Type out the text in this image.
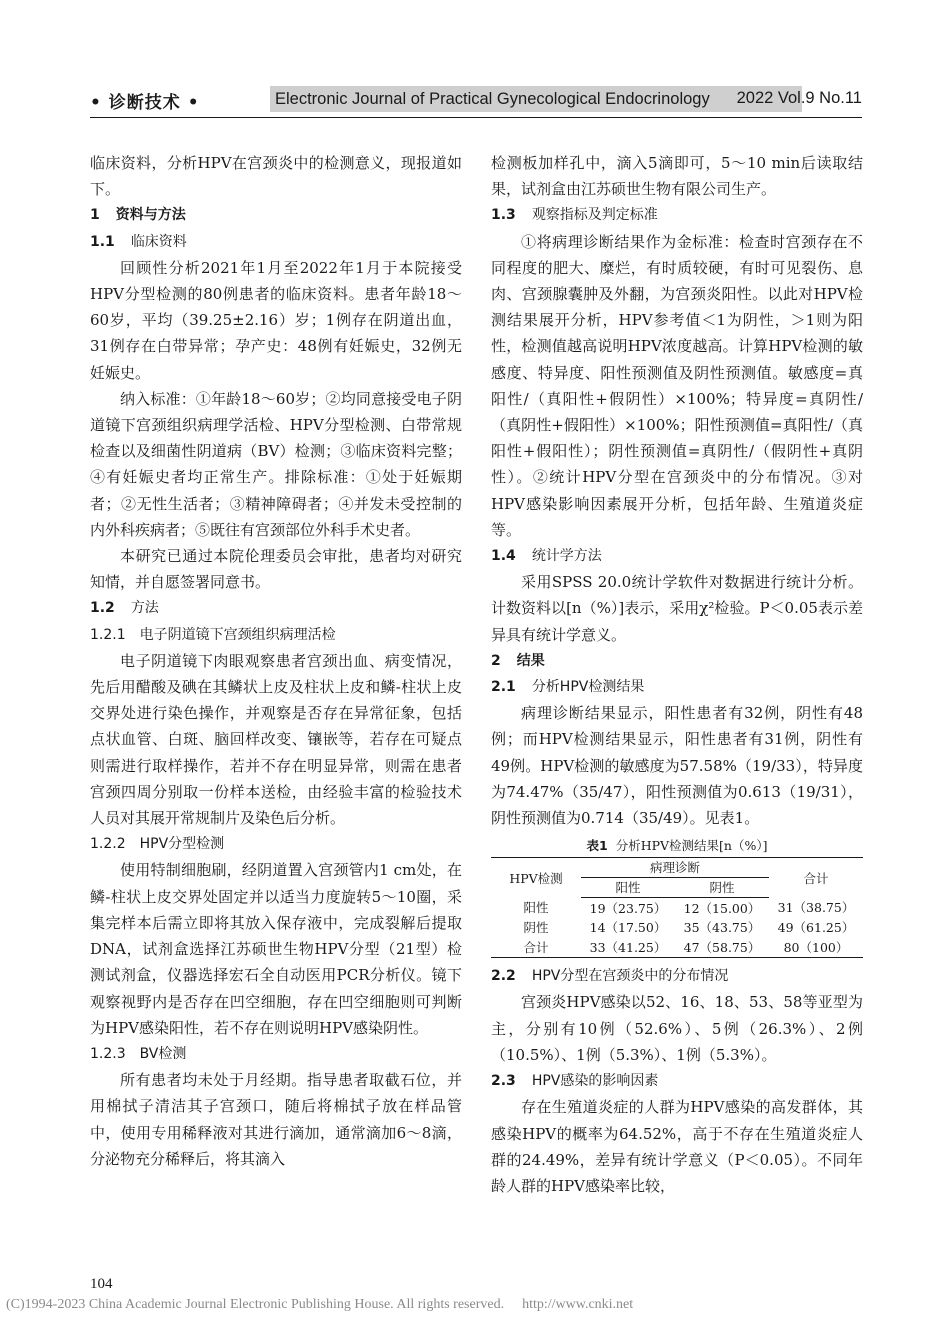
• 诊断技术 •	Electronic Journal of Practical Gynecological Endocrinology	2022 Vol.9 No.11

临床资料，分析HPV在宫颈炎中的检测意义，现报道如下。

1 资料与方法
1.1 临床资料

回顾性分析2021年1月至2022年1月于本院接受HPV分型检测的80例患者的临床资料。患者年龄18～60岁，平均（39.25±2.16）岁；1例存在阴道出血，31例存在白带异常；孕产史：48例有妊娠史，32例无妊娠史。

纳入标准：①年龄18～60岁；②均同意接受电子阴道镜下宫颈组织病理学活检、HPV分型检测、白带常规检查以及细菌性阴道病（BV）检测；③临床资料完整；④有妊娠史者均正常生产。排除标准：①处于妊娠期者；②无性生活者；③精神障碍者；④并发未受控制的内外科疾病者；⑤既往有宫颈部位外科手术史者。

本研究已通过本院伦理委员会审批，患者均对研究知情，并自愿签署同意书。

1.2 方法
1.2.1 电子阴道镜下宫颈组织病理活检

电子阴道镜下肉眼观察患者宫颈出血、病变情况，先后用醋酸及碘在其鳞状上皮及柱状上皮和鳞-柱状上皮交界处进行染色操作，并观察是否存在异常征象，包括点状血管、白斑、脑回样改变、镶嵌等，若存在可疑点则需进行取样操作，若并不存在明显异常，则需在患者宫颈四周分别取一份样本送检，由经验丰富的检验技术人员对其展开常规制片及染色后分析。

1.2.2 HPV分型检测

使用特制细胞刷，经阴道置入宫颈管内1 cm处，在鳞-柱状上皮交界处固定并以适当力度旋转5～10圈，采集完样本后需立即将其放入保存液中，完成裂解后提取DNA，试剂盒选择江苏硕世生物HPV分型（21型）检测试剂盒，仪器选择宏石全自动医用PCR分析仪。镜下观察视野内是否存在凹空细胞，存在凹空细胞则可判断为HPV感染阳性，若不存在则说明HPV感染阴性。

1.2.3 BV检测

所有患者均未处于月经期。指导患者取截石位，并用棉拭子清洁其子宫颈口，随后将棉拭子放在样品管中，使用专用稀释液对其进行滴加，通常滴加6～8滴，分泌物充分稀释后，将其滴入

检测板加样孔中，滴入5滴即可，5～10 min后读取结果，试剂盒由江苏硕世生物有限公司生产。

1.3 观察指标及判定标准

①将病理诊断结果作为金标准：检查时宫颈存在不同程度的肥大、糜烂，有时质较硬，有时可见裂伤、息肉、宫颈腺囊肿及外翻，为宫颈炎阳性。以此对HPV检测结果展开分析，HPV参考值＜1为阴性，＞1则为阳性，检测值越高说明HPV浓度越高。计算HPV检测的敏感度、特异度、阳性预测值及阴性预测值。敏感度=真阳性/（真阳性+假阴性）×100%；特异度=真阴性/（真阴性+假阳性）×100%；阳性预测值=真阳性/（真阳性+假阳性）；阴性预测值=真阴性/（假阴性+真阴性）。②统计HPV分型在宫颈炎中的分布情况。③对HPV感染影响因素展开分析，包括年龄、生殖道炎症等。

1.4 统计学方法

采用SPSS 20.0统计学软件对数据进行统计分析。计数资料以[n（%）]表示，采用χ²检验。P＜0.05表示差异具有统计学意义。

2 结果
2.1 分析HPV检测结果

病理诊断结果显示，阳性患者有32例，阴性有48例；而HPV检测结果显示，阳性患者有31例，阴性有49例。HPV检测的敏感度为57.58%（19/33），特异度为74.47%（35/47），阳性预测值为0.613（19/31），阴性预测值为0.714（35/49）。见表1。

表1 分析HPV检测结果[n（%）]
HPV检测	病理诊断		合计
	阳性	阴性	
阳性	19（23.75）	12（15.00）	31（38.75）
阴性	14（17.50）	35（43.75）	49（61.25）
合计	33（41.25）	47（58.75）	80（100）
2.2 HPV分型在宫颈炎中的分布情况

宫颈炎HPV感染以52、16、18、53、58等亚型为主，分别有10例（52.6%）、5例（26.3%）、2例（10.5%）、1例（5.3%）、1例（5.3%）。

2.3 HPV感染的影响因素

存在生殖道炎症的人群为HPV感染的高发群体，其感染HPV的概率为64.52%，高于不存在生殖道炎症人群的24.49%，差异有统计学意义（P＜0.05）。不同年龄人群的HPV感染率比较，

104
(C)1994-2023 China Academic Journal Electronic Publishing House. All rights reserved. http://www.cnki.net
